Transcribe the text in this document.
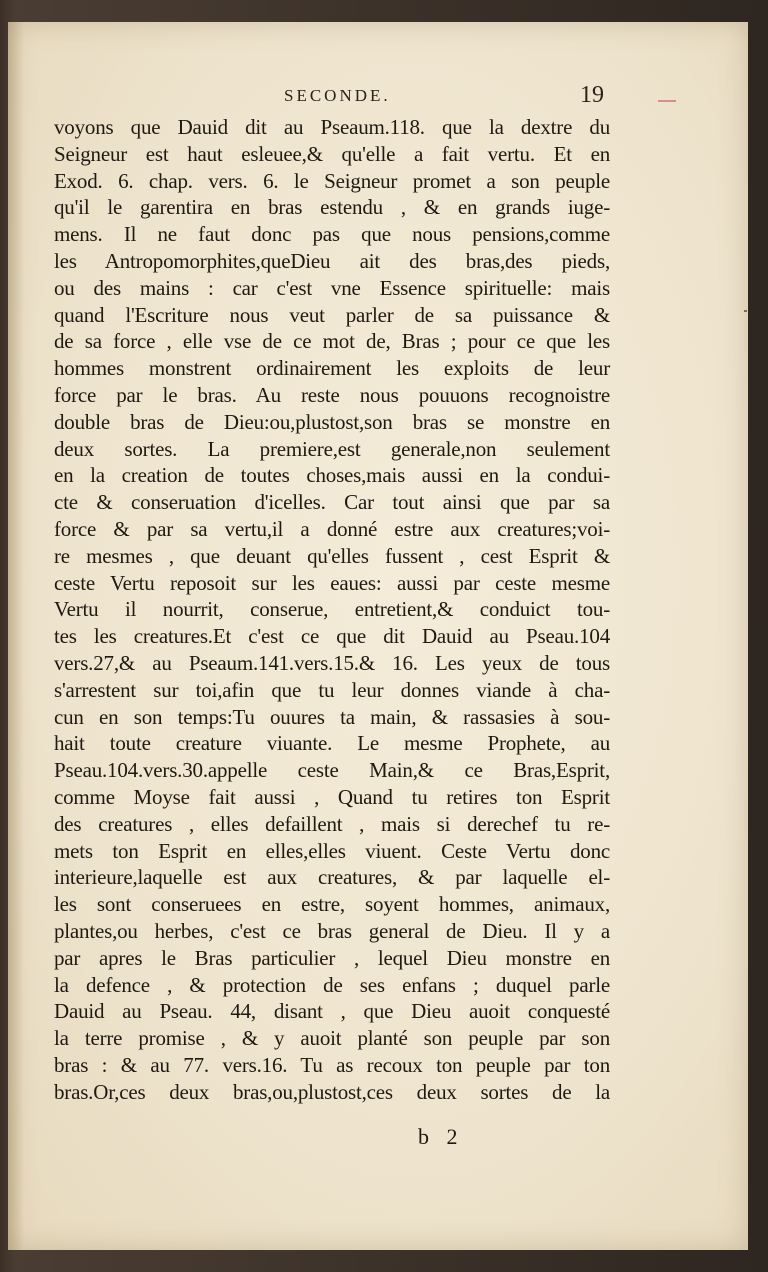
SECONDE.	19
voyons que Dauid dit au Pseaum.118. que la dextre du
Seigneur est haut esleuee,& qu'elle a fait vertu. Et en
Exod. 6. chap. vers. 6. le Seigneur promet a son peuple
qu'il le garentira en bras estendu , & en grands iuge-
mens. Il ne faut donc pas que nous pensions,comme
les Antropomorphites,queDieu ait des bras,des pieds,
ou des mains : car c'est vne Essence spirituelle: mais
quand l'Escriture nous veut parler de sa puissance &
de sa force , elle vse de ce mot de, Bras ; pour ce que les
hommes monstrent ordinairement les exploits de leur
force par le bras. Au reste nous pouuons recognoistre
double bras de Dieu:ou,plustost,son bras se monstre en
deux sortes. La premiere,est generale,non seulement
en la creation de toutes choses,mais aussi en la condui-
cte & conseruation d'icelles. Car tout ainsi que par sa
force & par sa vertu,il a donné estre aux creatures;voi-
re mesmes , que deuant qu'elles fussent , cest Esprit &
ceste Vertu reposoit sur les eaues: aussi par ceste mesme
Vertu il nourrit, conserue, entretient,& conduict tou-
tes les creatures.Et c'est ce que dit Dauid au Pseau.104
vers.27,& au Pseaum.141.vers.15.& 16. Les yeux de tous
s'arrestent sur toi,afin que tu leur donnes viande à cha-
cun en son temps:Tu ouures ta main, & rassasies à sou-
hait toute creature viuante. Le mesme Prophete, au
Pseau.104.vers.30.appelle ceste Main,& ce Bras,Esprit,
comme Moyse fait aussi , Quand tu retires ton Esprit
des creatures , elles defaillent , mais si derechef tu re-
mets ton Esprit en elles,elles viuent. Ceste Vertu donc
interieure,laquelle est aux creatures, & par laquelle el-
les sont conseruees en estre, soyent hommes, animaux,
plantes,ou herbes, c'est ce bras general de Dieu. Il y a
par apres le Bras particulier , lequel Dieu monstre en
la defence , & protection de ses enfans ; duquel parle
Dauid au Pseau. 44, disant , que Dieu auoit conquesté
la terre promise , & y auoit planté son peuple par son
bras : & au 77. vers.16. Tu as recoux ton peuple par ton
bras.Or,ces deux bras,ou,plustost,ces deux sortes de la
b 2
